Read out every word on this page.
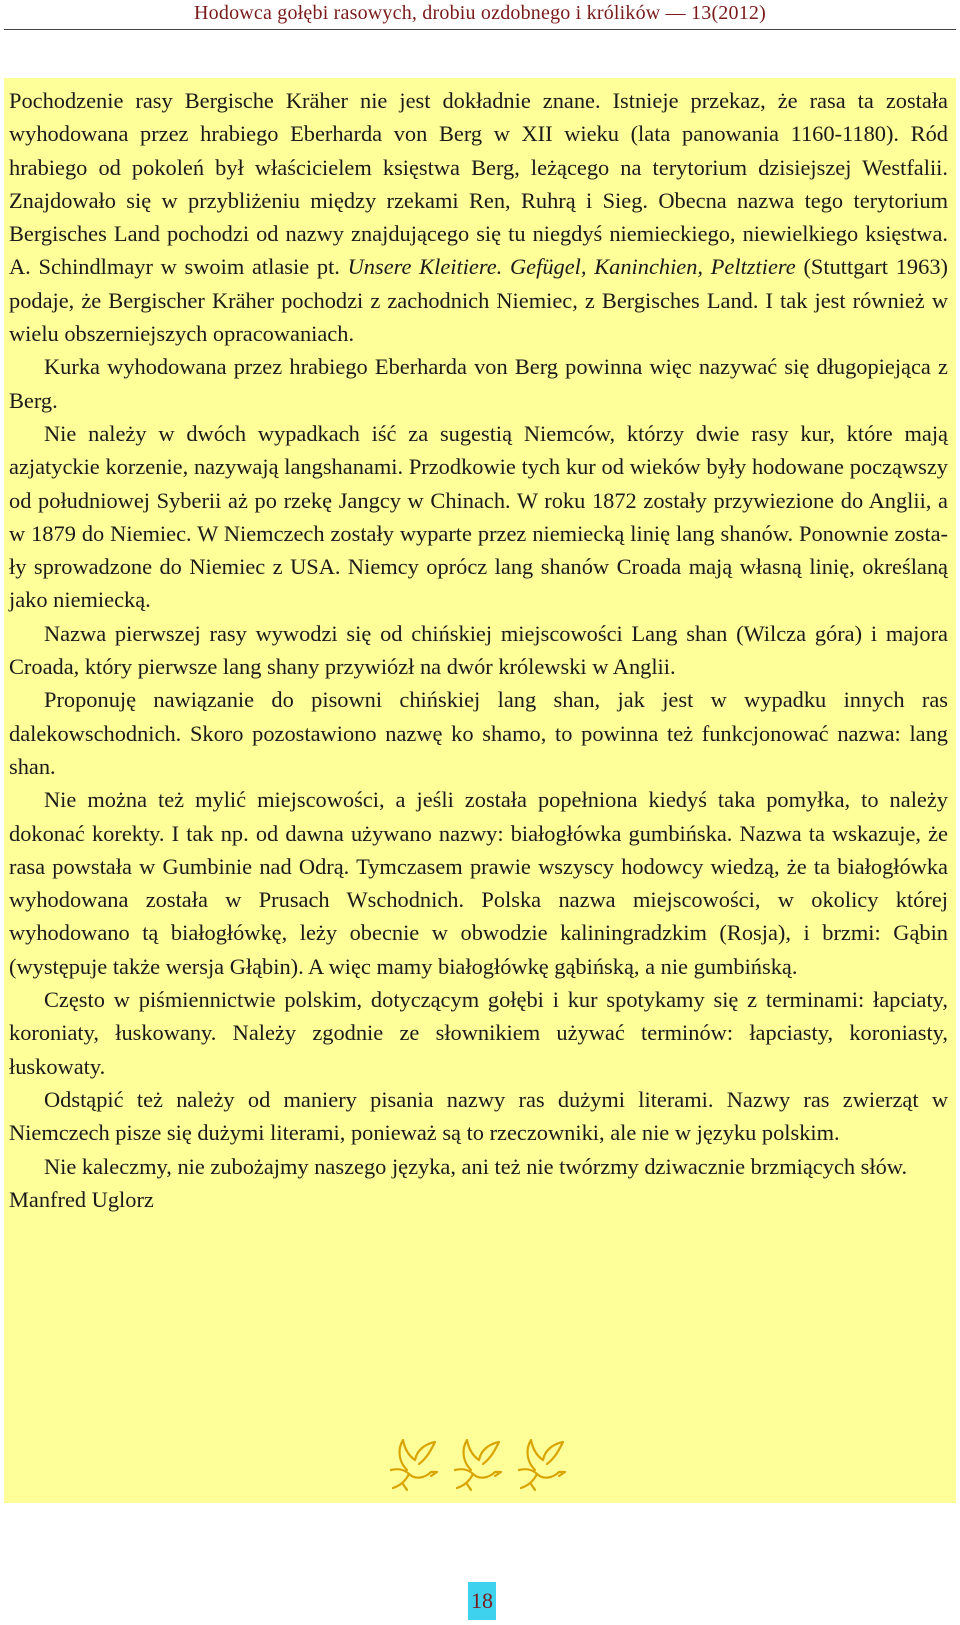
Hodowca gołębi rasowych, drobiu ozdobnego i królików — 13(2012)

Pochodzenie rasy Bergische Kräher nie jest dokładnie znane. Istnieje przekaz, że rasa ta została wyhodowana przez hrabiego Eberharda von Berg w XII wieku (lata panowania 1160-1180). Ród hrabiego od pokoleń był właścicielem księstwa Berg, leżącego na terytorium dzisiejszej Westfalii. Znajdowało się w przybliżeniu między rzekami Ren, Ruhrą i Sieg. Obecna nazwa tego terytorium Bergisches Land pochodzi od nazwy znajdującego się tu niegdyś niemieckiego, niewielkiego księstwa. A. Schindlmayr w swoim atlasie pt. Unsere Kleitiere. Gefügel, Kaninchien, Peltztiere (Stuttgart 1963) podaje, że Bergischer Kräher pochodzi z zachodnich Niemiec, z Bergisches Land. I tak jest również w wielu obszerniejszych opracowaniach.

Kurka wyhodowana przez hrabiego Eberharda von Berg powinna więc nazywać się długopiejąca z Berg.

Nie należy w dwóch wypadkach iść za sugestią Niemców, którzy dwie rasy kur, które mają azjatyckie korzenie, nazywają langshanami. Przodkowie tych kur od wieków były hodowane począwszy od południowej Syberii aż po rzekę Jangcy w Chinach. W roku 1872 zostały przywiezione do Anglii, a w 1879 do Niemiec. W Niemczech zostały wyparte przez niemiecką linię lang shanów. Ponownie zostały sprowadzone do Niemiec z USA. Niemcy oprócz lang shanów Croada mają własną linię, określaną jako niemiecką.

Nazwa pierwszej rasy wywodzi się od chińskiej miejscowości Lang shan (Wilcza góra) i majora Croada, który pierwsze lang shany przywiózł na dwór królewski w Anglii.

Proponuję nawiązanie do pisowni chińskiej lang shan, jak jest w wypadku innych ras dalekowschodnich. Skoro pozostawiono nazwę ko shamo, to powinna też funkcjonować nazwa: lang shan.

Nie można też mylić miejscowości, a jeśli została popełniona kiedyś taka pomyłka, to należy dokonać korekty. I tak np. od dawna używano nazwy: białogłówka gumbińska. Nazwa ta wskazuje, że rasa powstała w Gumbinie nad Odrą. Tymczasem prawie wszyscy hodowcy wiedzą, że ta białogłówka wyhodowana została w Prusach Wschodnich. Polska nazwa miejscowości, w okolicy której wyhodowano tą białogłówkę, leży obecnie w obwodzie kaliningradzkim (Rosja), i brzmi: Gąbin (występuje także wersja Głąbin). A więc mamy białogłówkę gąbińską, a nie gumbińską.

Często w piśmiennictwie polskim, dotyczącym gołębi i kur spotykamy się z terminami: łapciaty, koroniaty, łuskowany. Należy zgodnie ze słownikiem używać terminów: łapciasty, koroniasty, łuskowaty.

Odstąpić też należy od maniery pisania nazwy ras dużymi literami. Nazwy ras zwierząt w Niemczech pisze się dużymi literami, ponieważ są to rzeczowniki, ale nie w języku polskim.

Nie kaleczmy, nie zubożajmy naszego języka, ani też nie twórzmy dziwacznie brzmiących słów.

Manfred Uglorz

18
